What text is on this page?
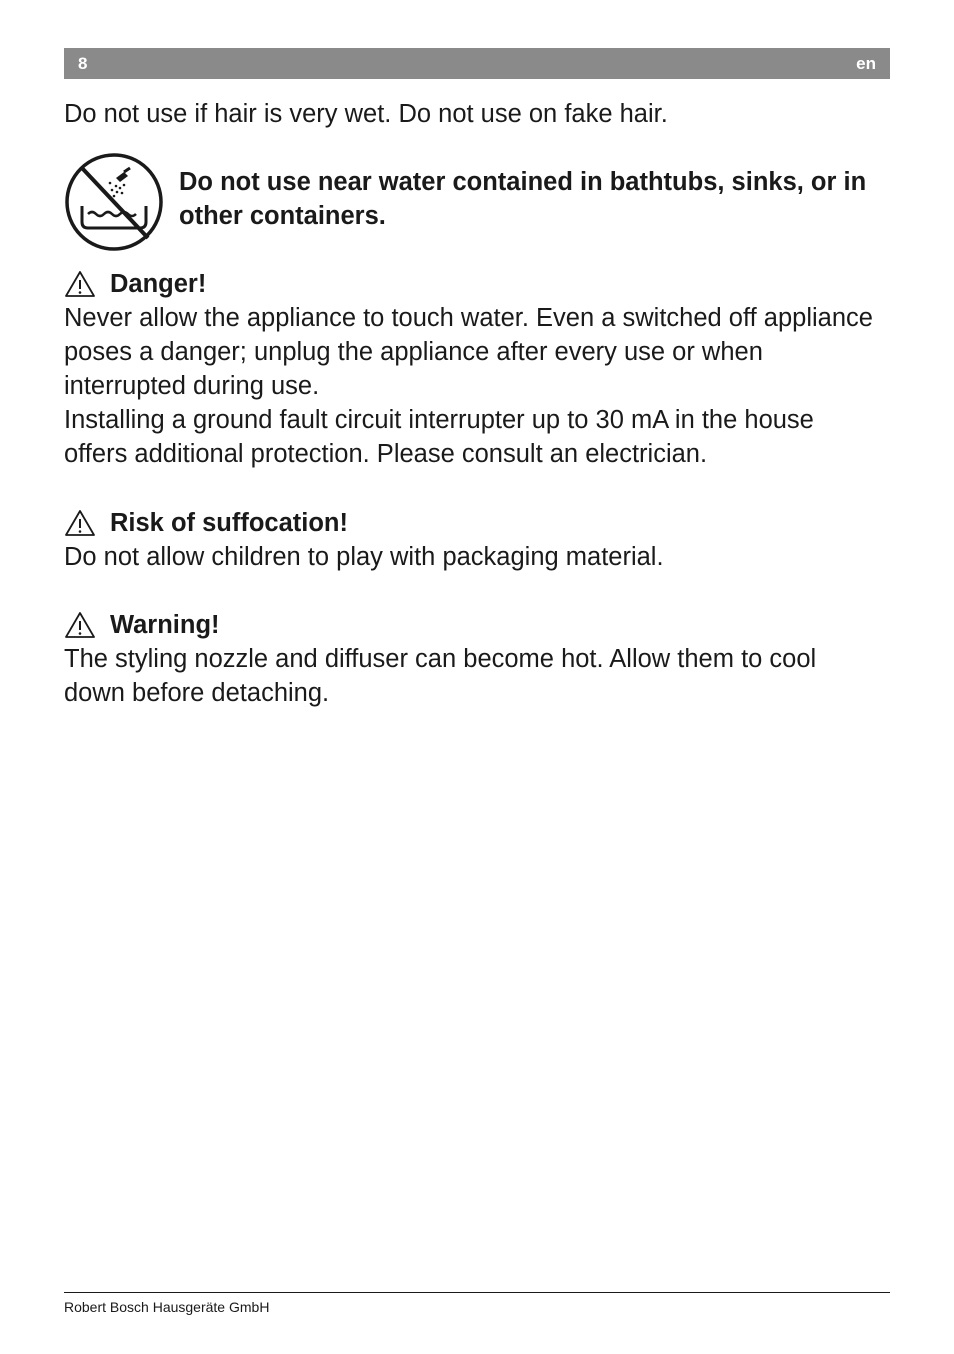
8	en
Do not use if hair is very wet. Do not use on fake hair.
Do not use near water contained in bathtubs, sinks, or in other containers.
Danger!
Never allow the appliance to touch water. Even a switched off appliance poses a danger; unplug the appliance after every use or when interrupted during use.
Installing a ground fault circuit interrupter up to 30 mA in the house offers additional protection. Please consult an electrician.
Risk of suffocation!
Do not allow children to play with packaging material.
Warning!
The styling nozzle and diffuser can become hot. Allow them to cool down before detaching.
Robert Bosch Hausgeräte GmbH
